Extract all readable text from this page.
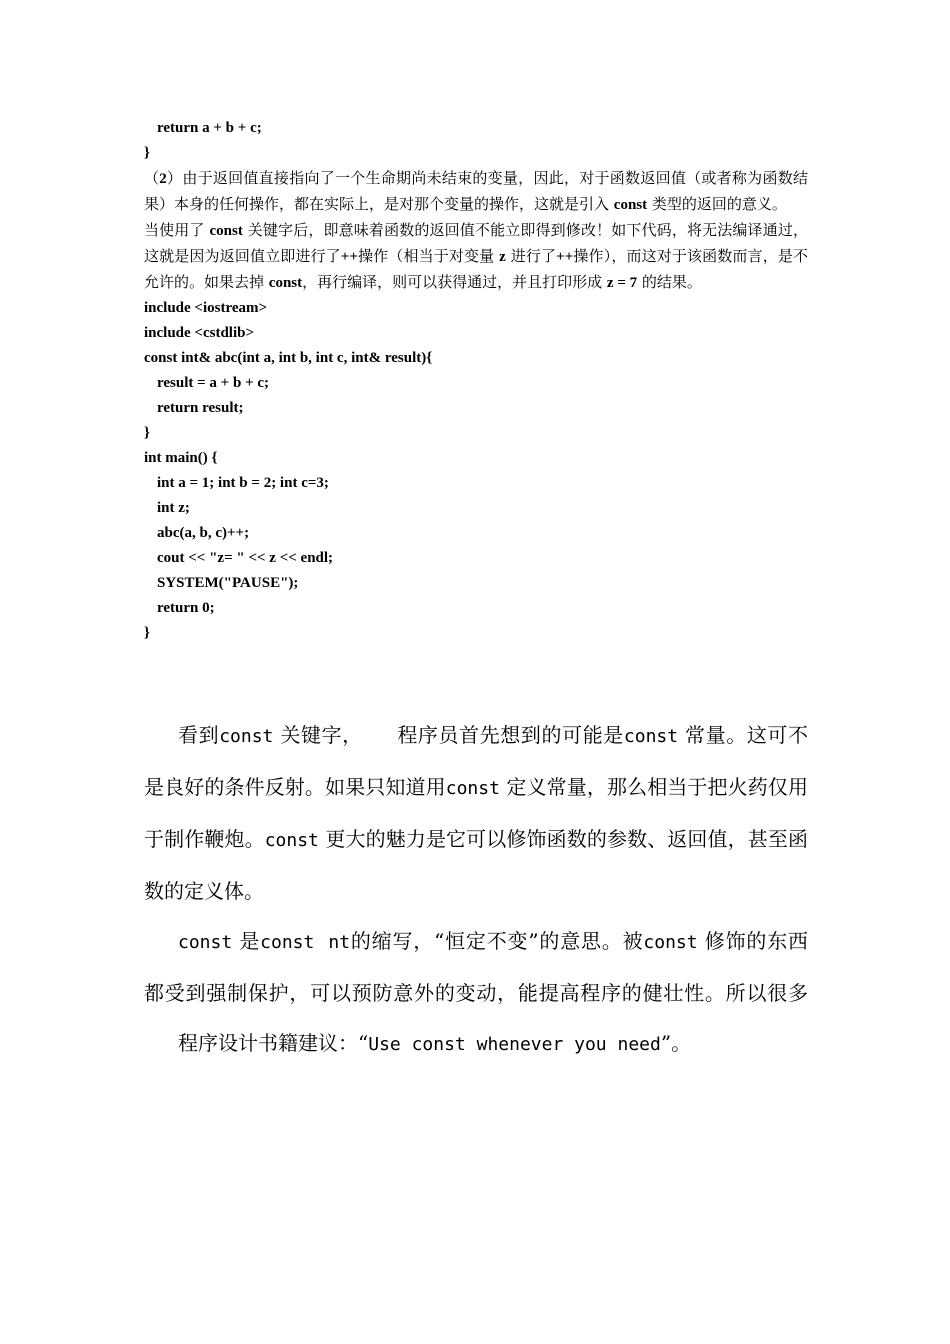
return a + b + c;
}
（2）由于返回值直接指向了一个生命期尚未结束的变量，因此，对于函数返回值（或者称为函数结果）本身的任何操作，都在实际上，是对那个变量的操作，这就是引入 const 类型的返回的意义。
当使用了 const 关键字后，即意味着函数的返回值不能立即得到修改！如下代码，将无法编译通过，这就是因为返回值立即进行了++操作（相当于对变量 z 进行了++操作），而这对于该函数而言，是不允许的。如果去掉 const，再行编译，则可以获得通过，并且打印形成 z = 7 的结果。
include <iostream>
include <cstdlib>
const int& abc(int a, int b, int c, int& result){
result = a + b + c;
return result;
}
int main() {
int a = 1; int b = 2; int c=3;
int z;
abc(a, b, c)++;
cout << "z= " << z << endl;
SYSTEM("PAUSE");
return 0;
}

看到const 关键字， 程序员首先想到的可能是const 常量。这可不是良好的条件反射。如果只知道用const 定义常量，那么相当于把火药仅用于制作鞭炮。const 更大的魅力是它可以修饰函数的参数、返回值，甚至函数的定义体。

const 是const nt的缩写，“恒定不变”的意思。被const 修饰的东西都受到强制保护，可以预防意外的变动，能提高程序的健壮性。所以很多程序设计书籍建议：“Use const whenever you need”。
